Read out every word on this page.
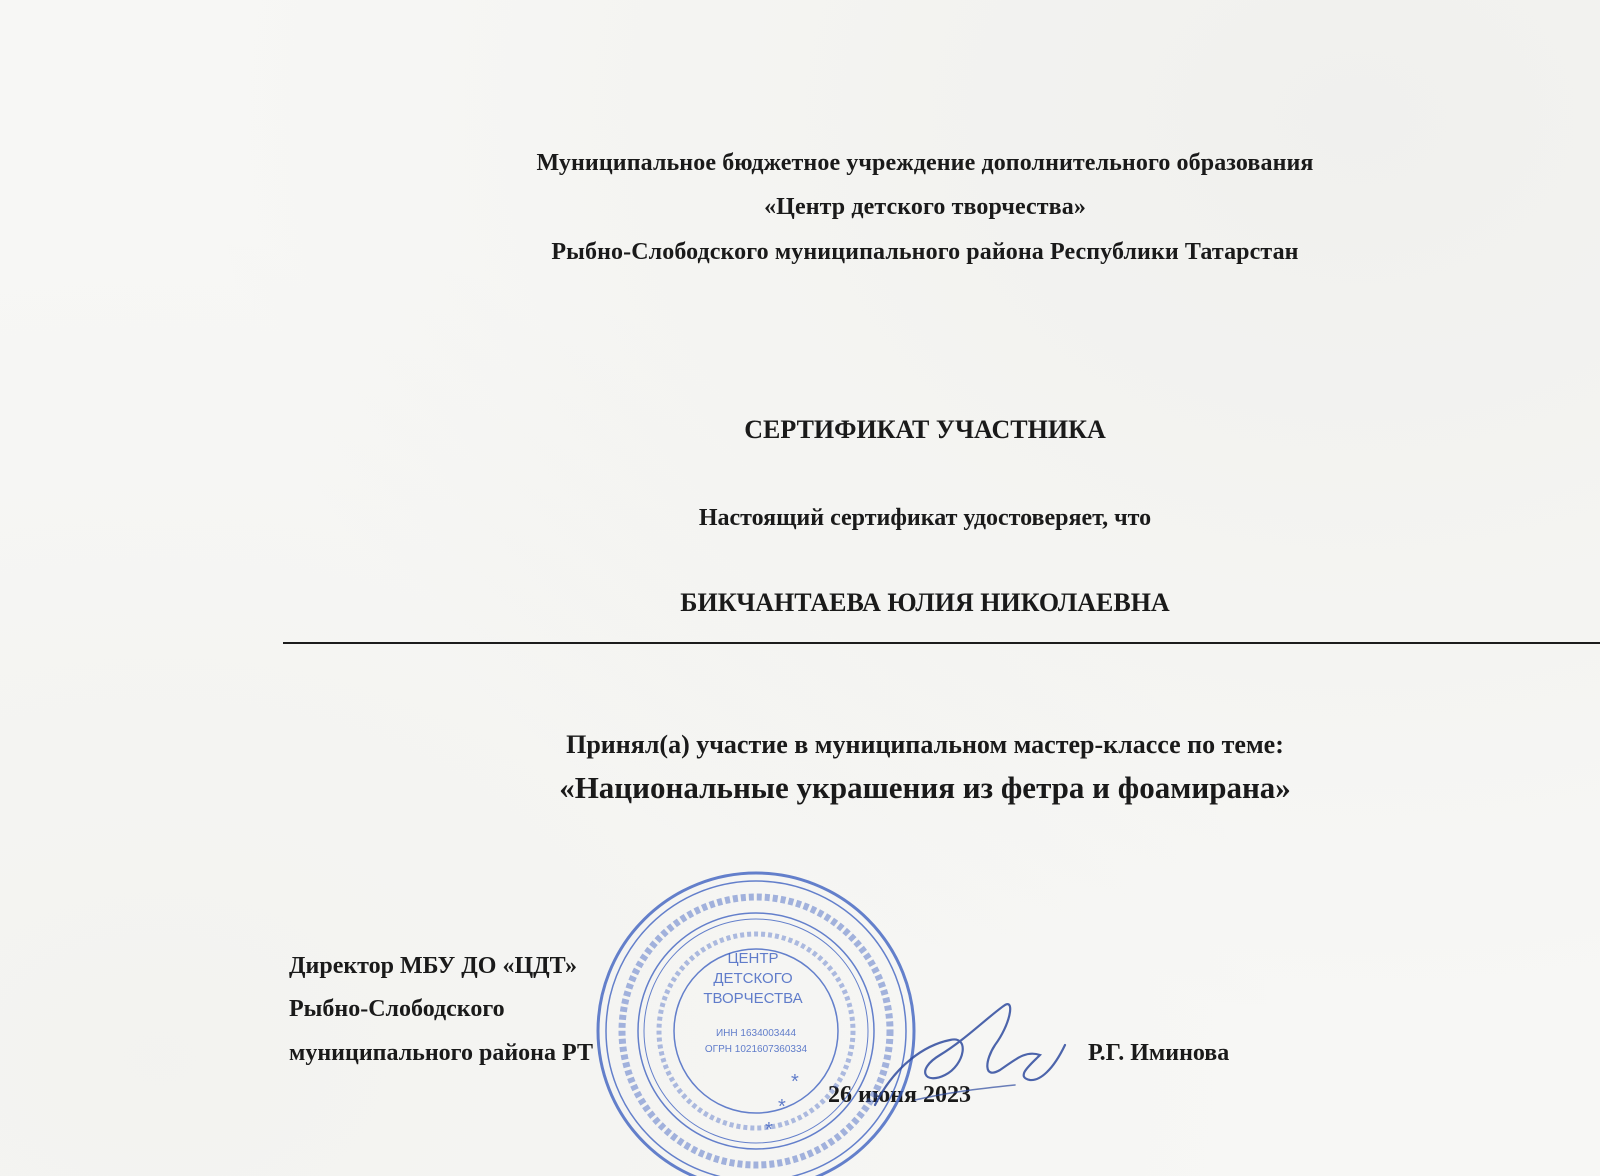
Муниципальное бюджетное учреждение дополнительного образования
«Центр детского творчества»
Рыбно-Слободского муниципального района Республики Татарстан
СЕРТИФИКАТ УЧАСТНИКА
Настоящий сертификат удостоверяет, что
БИКЧАНТАЕВА ЮЛИЯ НИКОЛАЕВНА
Принял(а) участие в муниципальном мастер-классе по теме:
«Национальные украшения из фетра и фоамирана»
Директор МБУ ДО «ЦДТ»
Рыбно-Слободского
муниципального района РТ	Р.Г. Иминова
26 июня 2023
ЦЕНТР
ДЕТСКОГО
ТВОРЧЕСТВА
ИНН 1634003444
ОГРН 1021607360334
*
*
*
